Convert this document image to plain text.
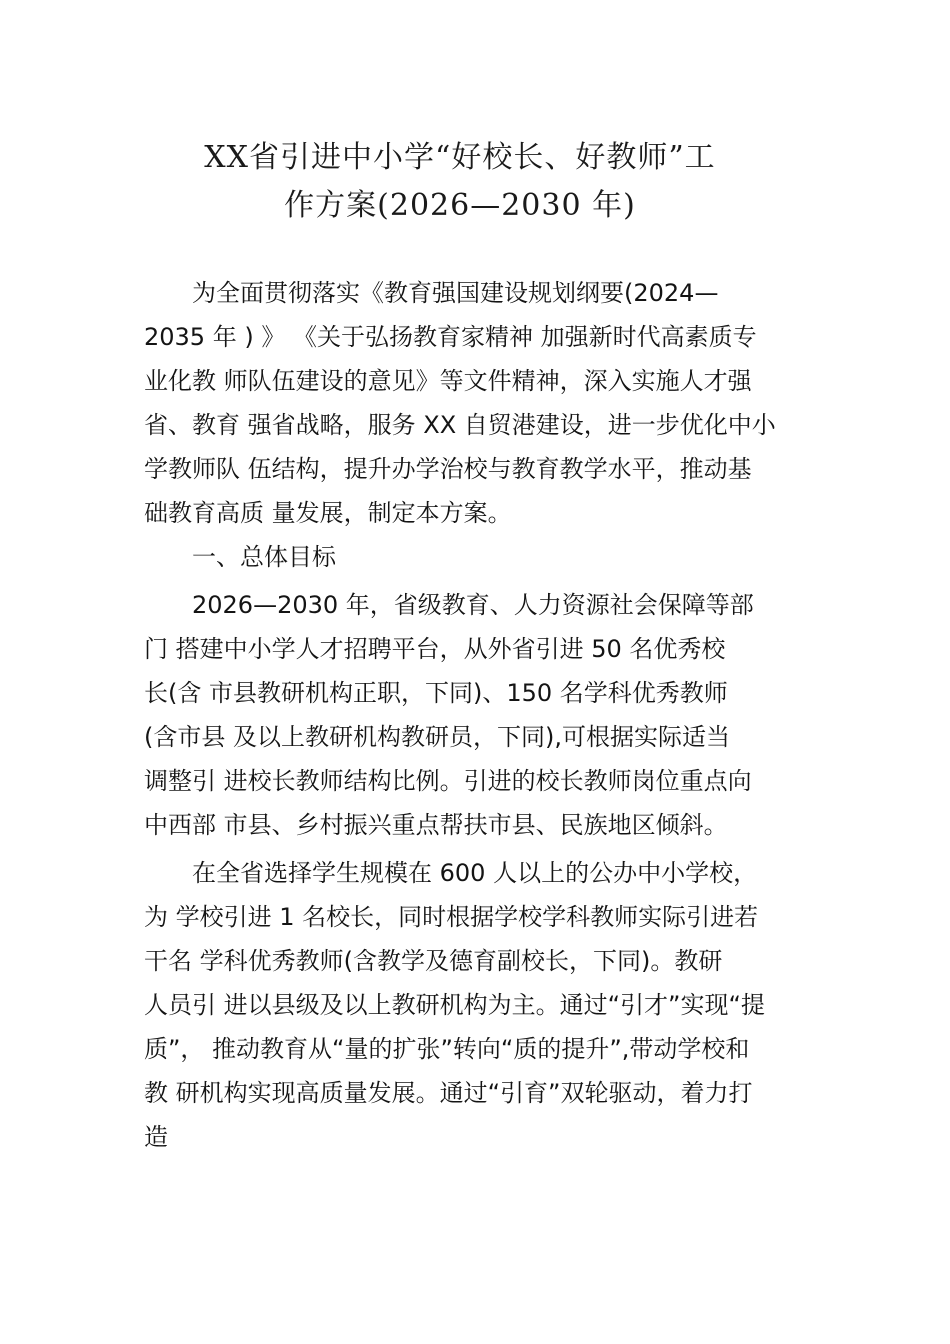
XX省引进中小学“好校长、好教师”工
作方案(2026—2030 年)
为全面贯彻落实《教育强国建设规划纲要(2024—
2035 年 ) 》 《关于弘扬教育家精神 加强新时代高素质专
业化教 师队伍建设的意见》等文件精神，深入实施人才强
省、教育 强省战略，服务 XX 自贸港建设，进一步优化中小
学教师队 伍结构，提升办学治校与教育教学水平，推动基
础教育高质 量发展，制定本方案。
一、总体目标
2026—2030 年，省级教育、人力资源社会保障等部
门 搭建中小学人才招聘平台，从外省引进 50 名优秀校
长(含 市县教研机构正职，下同)、150 名学科优秀教师
(含市县 及以上教研机构教研员，下同),可根据实际适当
调整引 进校长教师结构比例。引进的校长教师岗位重点向
中西部 市县、乡村振兴重点帮扶市县、民族地区倾斜。
在全省选择学生规模在 600 人以上的公办中小学校，
为 学校引进 1 名校长，同时根据学校学科教师实际引进若
干名 学科优秀教师(含教学及德育副校长，下同)。教研
人员引 进以县级及以上教研机构为主。通过“引才”实现“提
质”， 推动教育从“量的扩张”转向“质的提升”,带动学校和
教 研机构实现高质量发展。通过“引育”双轮驱动，着力打
造
